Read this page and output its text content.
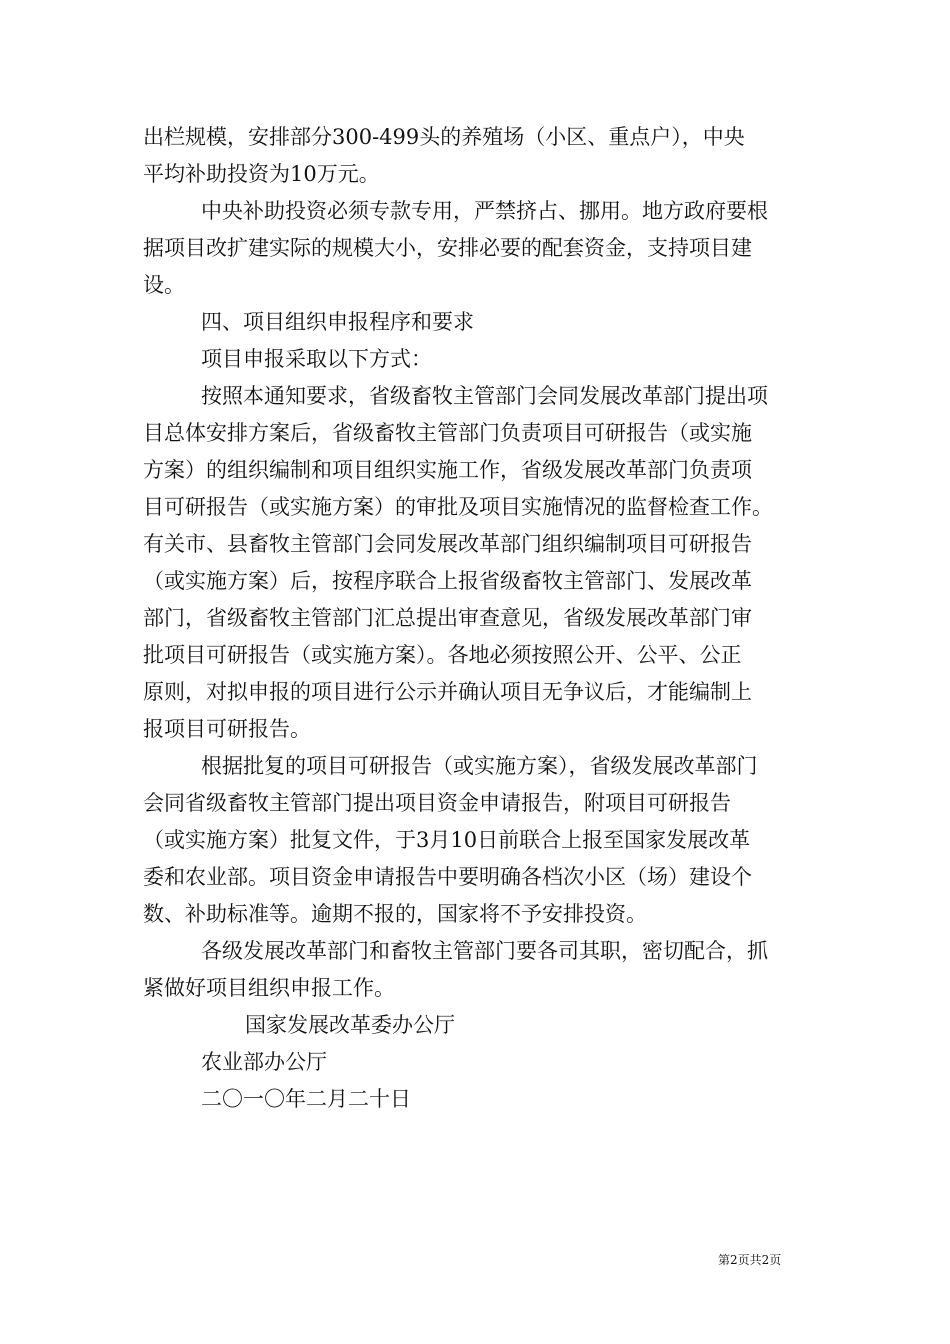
出栏规模，安排部分300-499头的养殖场（小区、重点户），中央
平均补助投资为10万元。
中央补助投资必须专款专用，严禁挤占、挪用。地方政府要根
据项目改扩建实际的规模大小，安排必要的配套资金，支持项目建
设。
四、项目组织申报程序和要求
项目申报采取以下方式：
按照本通知要求，省级畜牧主管部门会同发展改革部门提出项
目总体安排方案后，省级畜牧主管部门负责项目可研报告（或实施
方案）的组织编制和项目组织实施工作，省级发展改革部门负责项
目可研报告（或实施方案）的审批及项目实施情况的监督检查工作。
有关市、县畜牧主管部门会同发展改革部门组织编制项目可研报告
（或实施方案）后，按程序联合上报省级畜牧主管部门、发展改革
部门，省级畜牧主管部门汇总提出审查意见，省级发展改革部门审
批项目可研报告（或实施方案）。各地必须按照公开、公平、公正
原则，对拟申报的项目进行公示并确认项目无争议后，才能编制上
报项目可研报告。
根据批复的项目可研报告（或实施方案），省级发展改革部门
会同省级畜牧主管部门提出项目资金申请报告，附项目可研报告
（或实施方案）批复文件，于3月10日前联合上报至国家发展改革
委和农业部。项目资金申请报告中要明确各档次小区（场）建设个
数、补助标准等。逾期不报的，国家将不予安排投资。
各级发展改革部门和畜牧主管部门要各司其职，密切配合，抓
紧做好项目组织申报工作。
国家发展改革委办公厅
农业部办公厅
二〇一〇年二月二十日
第2页共2页
